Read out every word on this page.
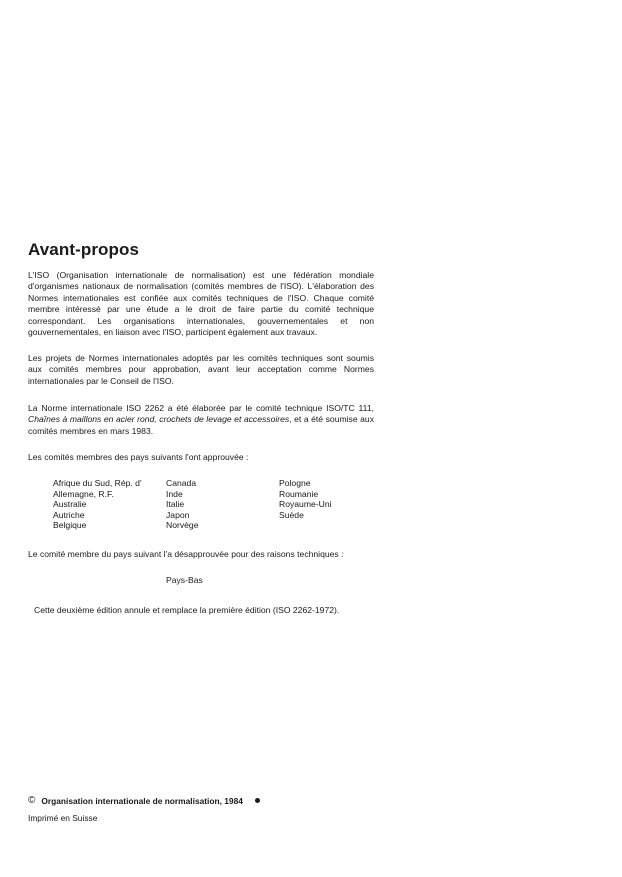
Avant-propos

L'ISO (Organisation internationale de normalisation) est une fédération mondiale d'organismes nationaux de normalisation (comités membres de l'ISO). L'élaboration des Normes internationales est confiée aux comités techniques de l'ISO. Chaque comité membre intéressé par une étude a le droit de faire partie du comité technique correspondant. Les organisations internationales, gouvernementales et non gouvernementales, en liaison avec l'ISO, participent également aux travaux.

Les projets de Normes internationales adoptés par les comités techniques sont soumis aux comités membres pour approbation, avant leur acceptation comme Normes internationales par le Conseil de l'ISO.

La Norme internationale ISO 2262 a été élaborée par le comité technique ISO/TC 111, Chaînes à maillons en acier rond, crochets de levage et accessoires, et a été soumise aux comités membres en mars 1983.

Les comités membres des pays suivants l'ont approuvée :

Afrique du Sud, Rép. d'
Allemagne, R.F.
Australie
Autriche
Belgique
Canada
Inde
Italie
Japon
Norvège
Pologne
Roumanie
Royaume-Uni
Suède

Le comité membre du pays suivant l'a désapprouvée pour des raisons techniques :

Pays-Bas

Cette deuxième édition annule et remplace la première édition (ISO 2262-1972).

© Organisation internationale de normalisation, 1984

Imprimé en Suisse
